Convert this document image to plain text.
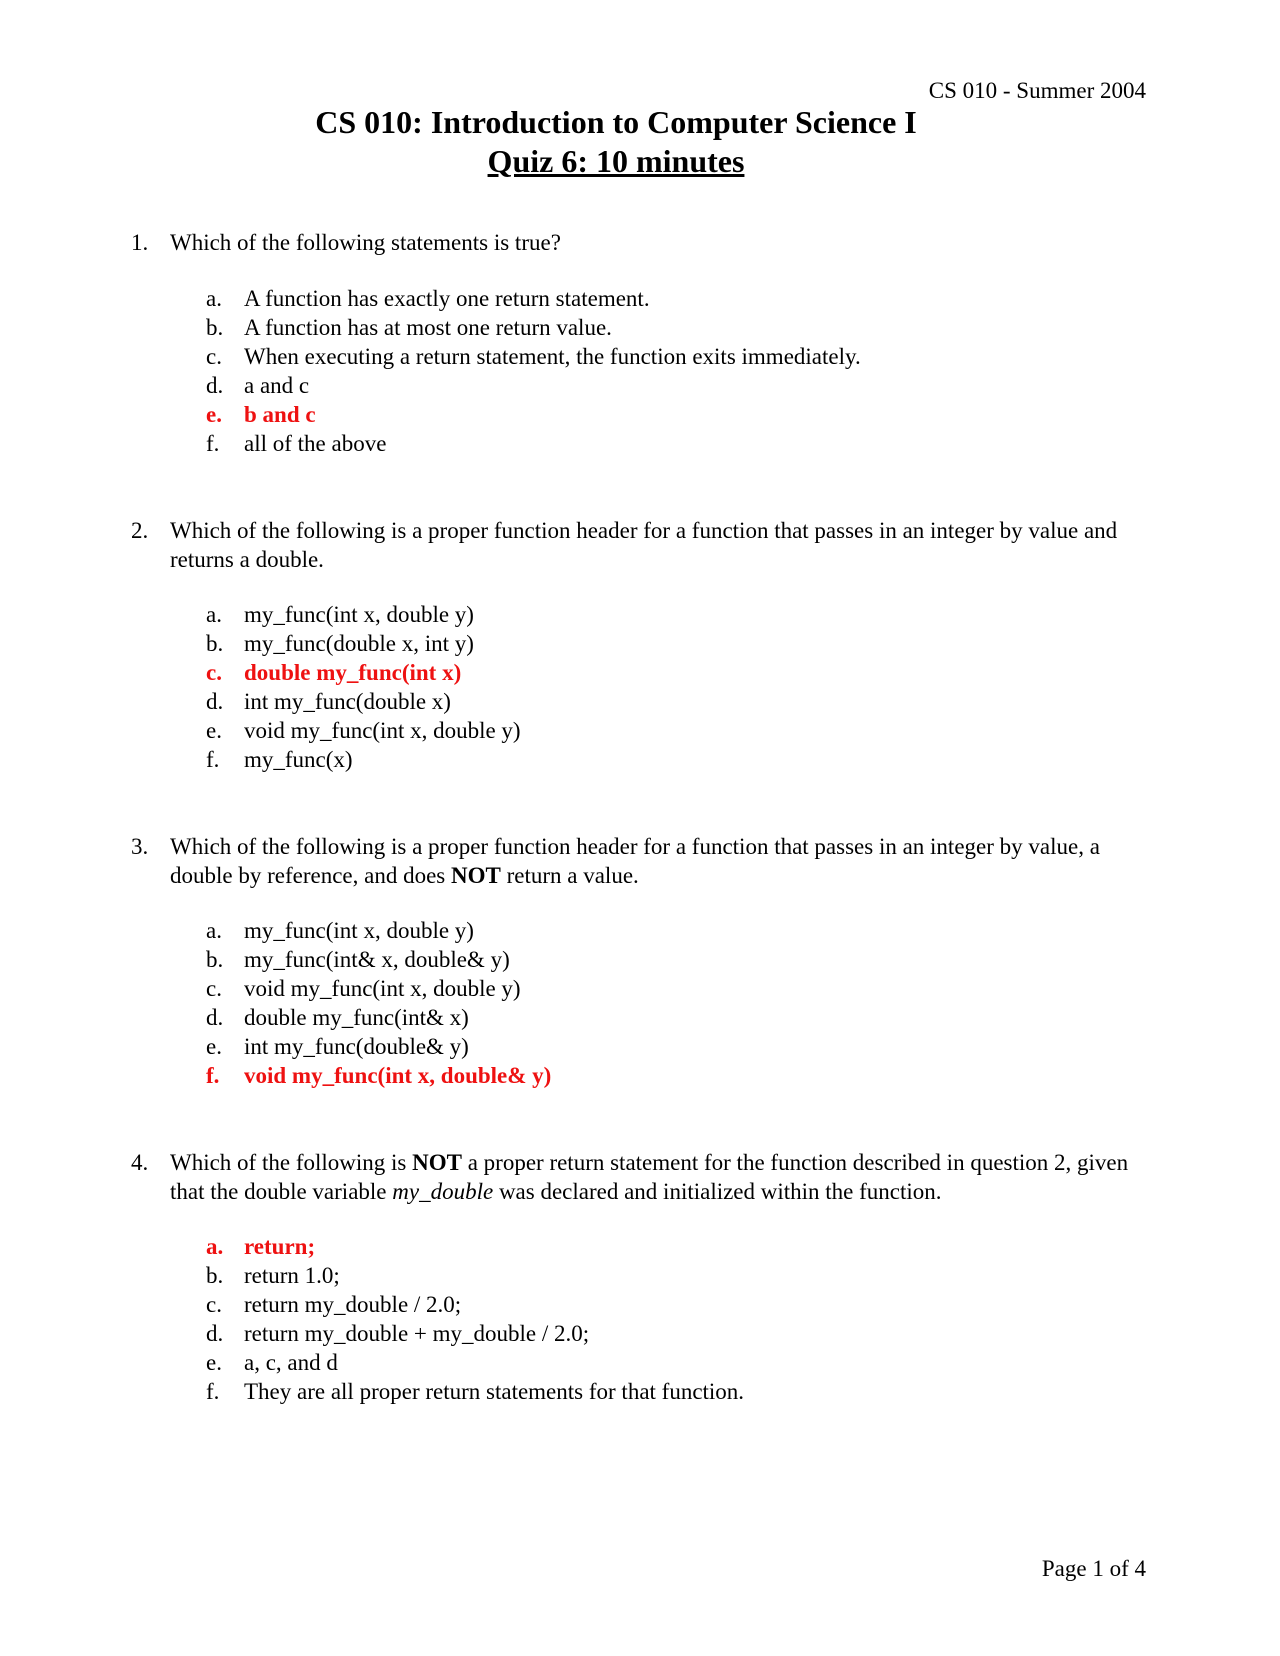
CS 010 - Summer 2004
CS 010: Introduction to Computer Science I
Quiz 6: 10 minutes
1. Which of the following statements is true?
a. A function has exactly one return statement.
b. A function has at most one return value.
c. When executing a return statement, the function exits immediately.
d. a and c
e. b and c
f. all of the above
2. Which of the following is a proper function header for a function that passes in an integer by value and returns a double.
a. my_func(int x, double y)
b. my_func(double x, int y)
c. double my_func(int x)
d. int my_func(double x)
e. void my_func(int x, double y)
f. my_func(x)
3. Which of the following is a proper function header for a function that passes in an integer by value, a double by reference, and does NOT return a value.
a. my_func(int x, double y)
b. my_func(int& x, double& y)
c. void my_func(int x, double y)
d. double my_func(int& x)
e. int my_func(double& y)
f. void my_func(int x, double& y)
4. Which of the following is NOT a proper return statement for the function described in question 2, given that the double variable my_double was declared and initialized within the function.
a. return;
b. return 1.0;
c. return my_double / 2.0;
d. return my_double + my_double / 2.0;
e. a, c, and d
f. They are all proper return statements for that function.
Page 1 of 4
